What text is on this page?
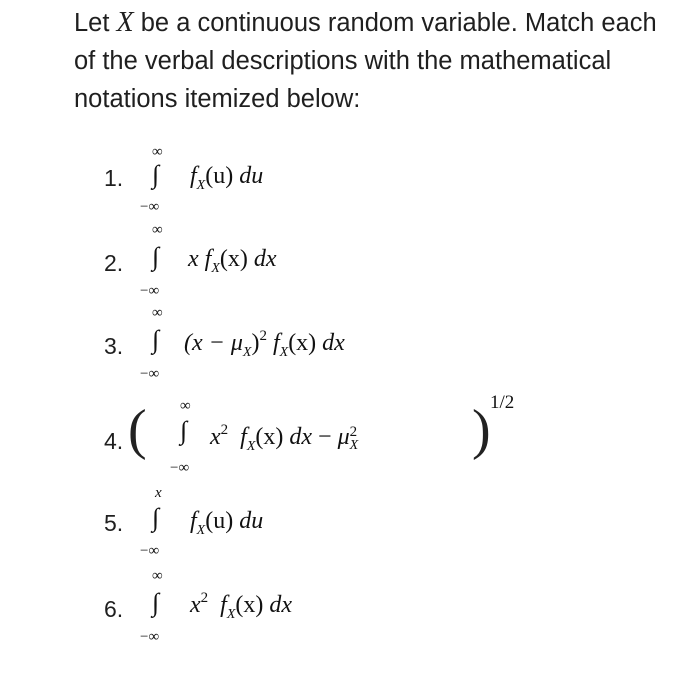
Let X be a continuous random variable. Match each of the verbal descriptions with the mathematical notations itemized below:

1.
∞
∫
−∞
$f_X(u)$ du
2.
∞
∫
−∞
x $f_X(x)$ dx
3.
∞
∫
−∞
$(x - \mu_X)^2$ $f_X(x)$ dx
4. ( ∞
∫
−∞
$x^2$ $f_X(x)$ dx − μ 2
X ) 1/2
5.
x
∫
−∞
$f_X(u)$ du
6.
∞
∫
−∞
$x^2$ $f_X(x)$ dx
